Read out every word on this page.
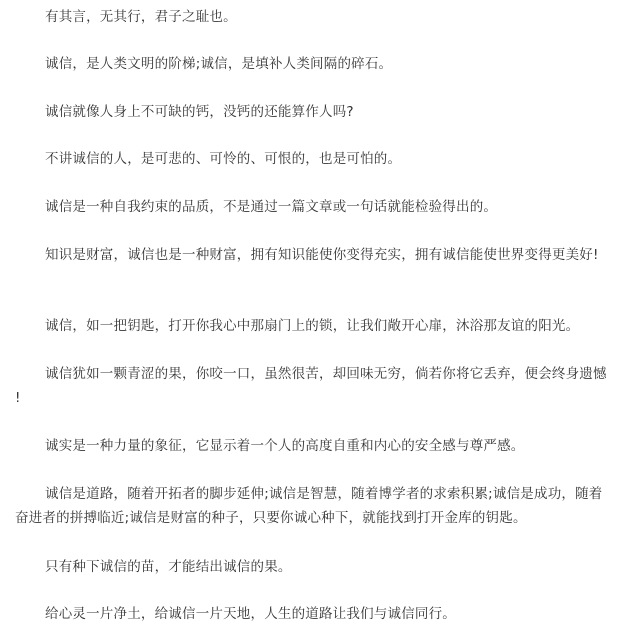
有其言，无其行，君子之耻也。

诚信，是人类文明的阶梯;诚信，是填补人类间隔的碎石。

诚信就像人身上不可缺的钙，没钙的还能算作人吗?

不讲诚信的人，是可悲的、可怜的、可恨的，也是可怕的。

诚信是一种自我约束的品质，不是通过一篇文章或一句话就能检验得出的。

知识是财富，诚信也是一种财富，拥有知识能使你变得充实，拥有诚信能使世界变得更美好!

诚信，如一把钥匙，打开你我心中那扇门上的锁，让我们敞开心扉，沐浴那友谊的阳光。

诚信犹如一颗青涩的果，你咬一口，虽然很苦，却回味无穷，倘若你将它丢弃，便会终身遗憾!

诚实是一种力量的象征，它显示着一个人的高度自重和内心的安全感与尊严感。

诚信是道路，随着开拓者的脚步延伸;诚信是智慧，随着博学者的求索积累;诚信是成功，随着奋进者的拼搏临近;诚信是财富的种子，只要你诚心种下，就能找到打开金库的钥匙。

只有种下诚信的苗，才能结出诚信的果。

给心灵一片净土，给诚信一片天地，人生的道路让我们与诚信同行。
